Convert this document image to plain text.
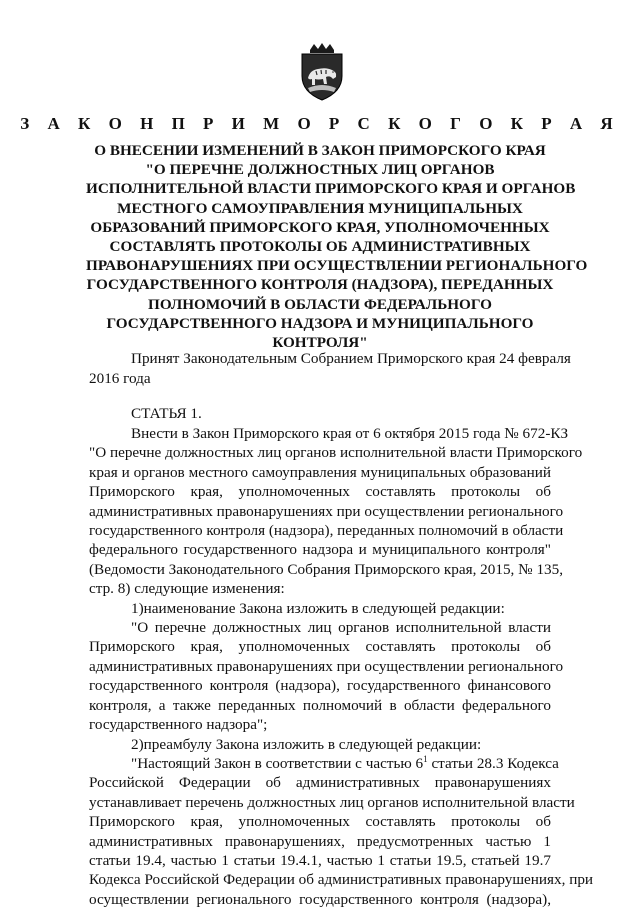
З А К О Н П Р И М О Р С К О Г О К Р А Я
О ВНЕСЕНИИ ИЗМЕНЕНИЙ В ЗАКОН ПРИМОРСКОГО КРАЯ
"О ПЕРЕЧНЕ ДОЛЖНОСТНЫХ ЛИЦ ОРГАНОВ
ИСПОЛНИТЕЛЬНОЙ ВЛАСТИ ПРИМОРСКОГО КРАЯ И ОРГАНОВ
МЕСТНОГО САМОУПРАВЛЕНИЯ МУНИЦИПАЛЬНЫХ
ОБРАЗОВАНИЙ ПРИМОРСКОГО КРАЯ, УПОЛНОМОЧЕННЫХ
СОСТАВЛЯТЬ ПРОТОКОЛЫ ОБ АДМИНИСТРАТИВНЫХ
ПРАВОНАРУШЕНИЯХ ПРИ ОСУЩЕСТВЛЕНИИ РЕГИОНАЛЬНОГО
ГОСУДАРСТВЕННОГО КОНТРОЛЯ (НАДЗОРА), ПЕРЕДАННЫХ
ПОЛНОМОЧИЙ В ОБЛАСТИ ФЕДЕРАЛЬНОГО
ГОСУДАРСТВЕННОГО НАДЗОРА И МУНИЦИПАЛЬНОГО
КОНТРОЛЯ"
Принят Законодательным Собранием Приморского края 24 февраля
2016 года
СТАТЬЯ 1.
Внести в Закон Приморского края от 6 октября 2015 года № 672-КЗ
"О перечне должностных лиц органов исполнительной власти Приморского
края и органов местного самоуправления муниципальных образований
Приморского края, уполномоченных составлять протоколы об
административных правонарушениях при осуществлении регионального
государственного контроля (надзора), переданных полномочий в области
федерального государственного надзора и муниципального контроля"
(Ведомости Законодательного Собрания Приморского края, 2015, № 135,
стр. 8) следующие изменения:
1)наименование Закона изложить в следующей редакции:
"О перечне должностных лиц органов исполнительной власти
Приморского края, уполномоченных составлять протоколы об
административных правонарушениях при осуществлении регионального
государственного контроля (надзора), государственного финансового
контроля, а также переданных полномочий в области федерального
государственного надзора";
2)преамбулу Закона изложить в следующей редакции:
"Настоящий Закон в соответствии с частью $6^1$ статьи 28.3 Кодекса
Российской Федерации об административных правонарушениях
устанавливает перечень должностных лиц органов исполнительной власти
Приморского края, уполномоченных составлять протоколы об
административных правонарушениях, предусмотренных частью 1
статьи 19.4, частью 1 статьи 19.4.1, частью 1 статьи 19.5, статьей 19.7
Кодекса Российской Федерации об административных правонарушениях, при
осуществлении регионального государственного контроля (надзора),
